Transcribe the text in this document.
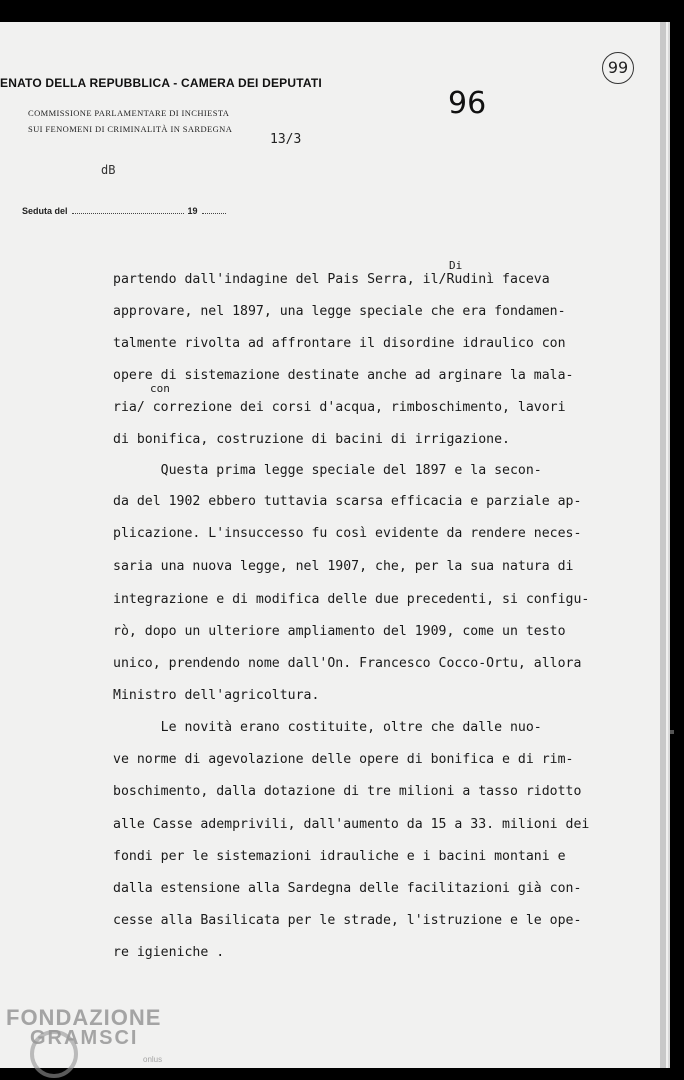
ENATO DELLA REPUBBLICA - CAMERA DEI DEPUTATI
COMMISSIONE PARLAMENTARE DI INCHIESTA
SUI FENOMENI DI CRIMINALITÀ IN SARDEGNA
96
99
13/3
dB
Seduta del	19
Di
con
partendo dall'indagine del Pais Serra, il/Rudinì faceva
approvare, nel 1897, una legge speciale che era fondamen-
talmente rivolta ad affrontare il disordine idraulico con
opere di sistemazione destinate anche ad arginare la mala-
ria/ correzione dei corsi d'acqua, rimboschimento, lavori
di bonifica, costruzione di bacini di irrigazione.
Questa prima legge speciale del 1897 e la secon-
da del 1902 ebbero tuttavia scarsa efficacia e parziale ap-
plicazione. L'insuccesso fu così evidente da rendere neces-
saria una nuova legge, nel 1907, che, per la sua natura di
integrazione e di modifica delle due precedenti, si configu-
rò, dopo un ulteriore ampliamento del 1909, come un testo
unico, prendendo nome dall'On. Francesco Cocco-Ortu, allora
Ministro dell'agricoltura.
Le novità erano costituite, oltre che dalle nuo-
ve norme di agevolazione delle opere di bonifica e di rim-
boschimento, dalla dotazione di tre milioni a tasso ridotto
alle Casse ademprivili, dall'aumento da 15 a 33. milioni dei
fondi per le sistemazioni idrauliche e i bacini montani e
dalla estensione alla Sardegna delle facilitazioni già con-
cesse alla Basilicata per le strade, l'istruzione e le ope-
re igieniche .
FONDAZIONE
GRAMSCI
onlus
